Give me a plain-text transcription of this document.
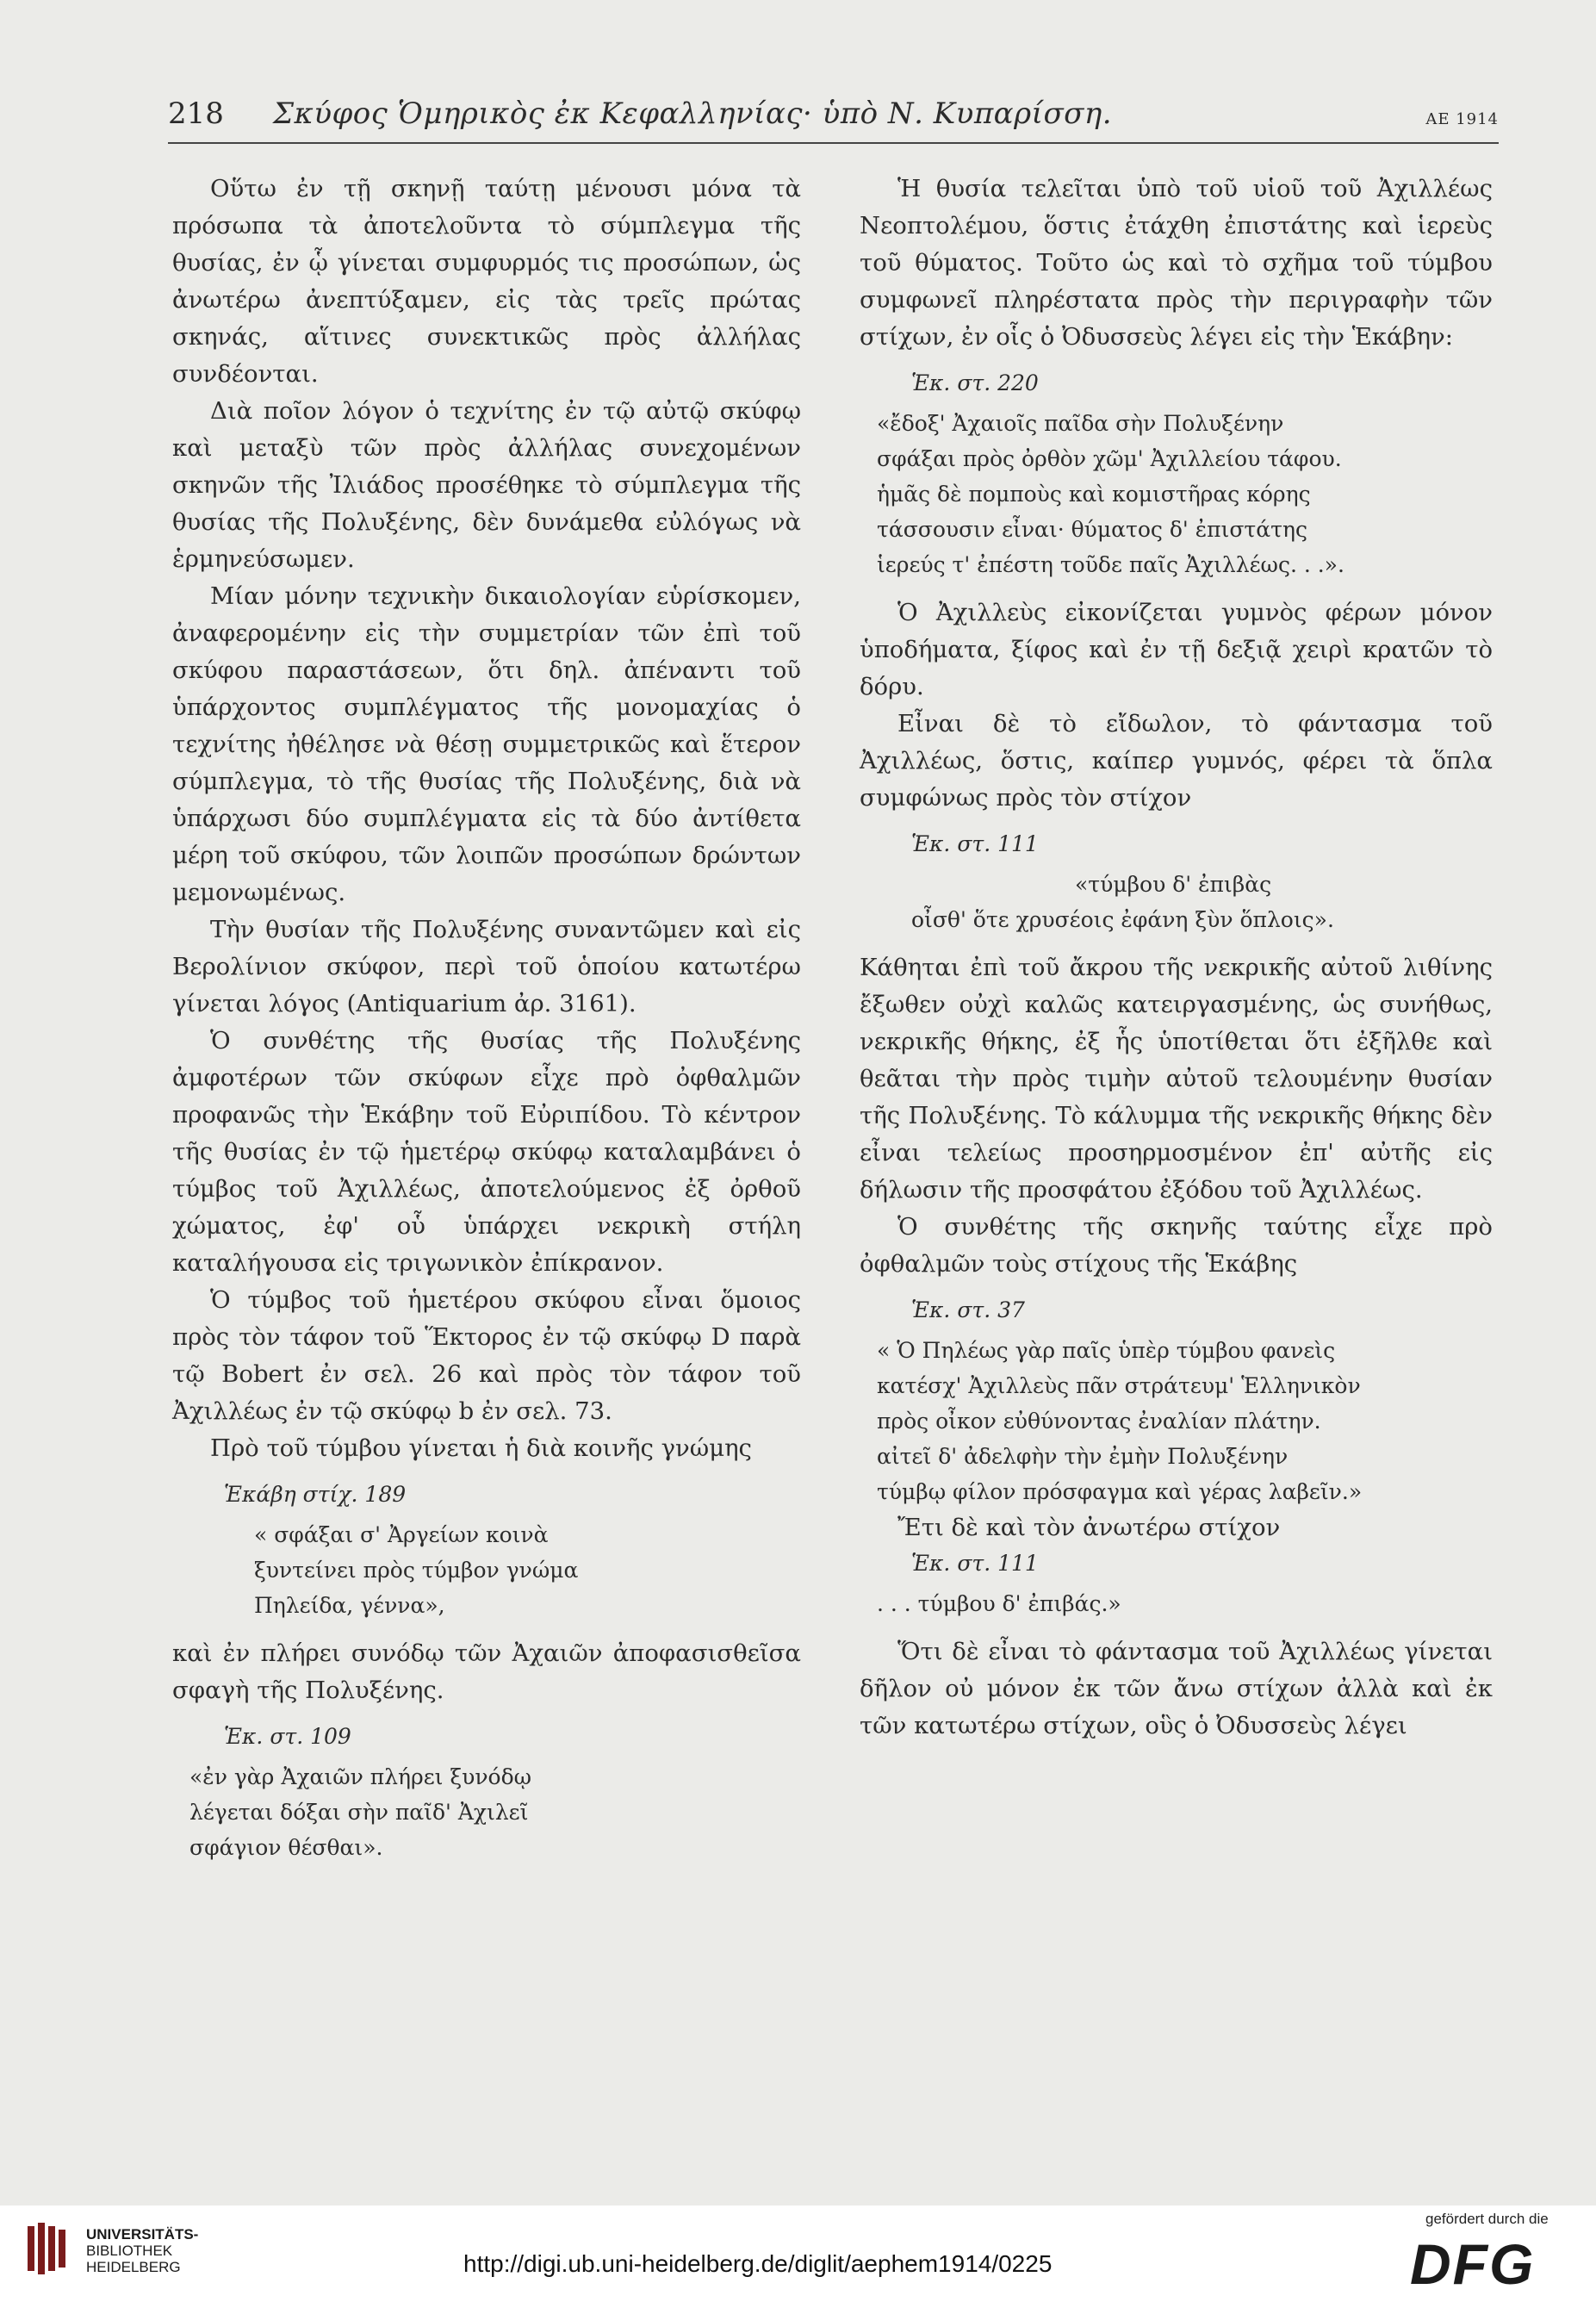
218 Σκύφος Ὁμηρικὸς ἐκ Κεφαλληνίας· ὑπὸ Ν. Κυπαρίσση.	ΑΕ 1914

Οὕτω ἐν τῇ σκηνῇ ταύτῃ μένουσι μόνα τὰ πρόσωπα τὰ ἀποτελοῦντα τὸ σύμπλεγμα τῆς θυσίας, ἐν ᾧ γίνεται συμφυρμός τις προσώπων, ὡς ἀνωτέρω ἀνεπτύξαμεν, εἰς τὰς τρεῖς πρώτας σκηνάς, αἵτινες συνεκτικῶς πρὸς ἀλλήλας συνδέονται.

Διὰ ποῖον λόγον ὁ τεχνίτης ἐν τῷ αὐτῷ σκύφῳ καὶ μεταξὺ τῶν πρὸς ἀλλήλας συνεχομένων σκηνῶν τῆς Ἰλιάδος προσέθηκε τὸ σύμπλεγμα τῆς θυσίας τῆς Πολυξένης, δὲν δυνάμεθα εὐλόγως νὰ ἑρμηνεύσωμεν.

Μίαν μόνην τεχνικὴν δικαιολογίαν εὑρίσκομεν, ἀναφερομένην εἰς τὴν συμμετρίαν τῶν ἐπὶ τοῦ σκύφου παραστάσεων, ὅτι δηλ. ἀπέναντι τοῦ ὑπάρχοντος συμπλέγματος τῆς μονομαχίας ὁ τεχνίτης ἠθέλησε νὰ θέσῃ συμμετρικῶς καὶ ἕτερον σύμπλεγμα, τὸ τῆς θυσίας τῆς Πολυξένης, διὰ νὰ ὑπάρχωσι δύο συμπλέγματα εἰς τὰ δύο ἀντίθετα μέρη τοῦ σκύφου, τῶν λοιπῶν προσώπων δρώντων μεμονωμένως.

Τὴν θυσίαν τῆς Πολυξένης συναντῶμεν καὶ εἰς Βερολίνιον σκύφον, περὶ τοῦ ὁποίου κατωτέρω γίνεται λόγος (Antiquarium ἀρ. 3161).

Ὁ συνθέτης τῆς θυσίας τῆς Πολυξένης ἀμφοτέρων τῶν σκύφων εἶχε πρὸ ὀφθαλμῶν προφανῶς τὴν Ἑκάβην τοῦ Εὐριπίδου. Τὸ κέντρον τῆς θυσίας ἐν τῷ ἡμετέρῳ σκύφῳ καταλαμβάνει ὁ τύμβος τοῦ Ἀχιλλέως, ἀποτελούμενος ἐξ ὀρθοῦ χώματος, ἐφ' οὗ ὑπάρχει νεκρικὴ στήλη καταλήγουσα εἰς τριγωνικὸν ἐπίκρανον.

Ὁ τύμβος τοῦ ἡμετέρου σκύφου εἶναι ὅμοιος πρὸς τὸν τάφον τοῦ Ἕκτορος ἐν τῷ σκύφῳ D παρὰ τῷ Bobert ἐν σελ. 26 καὶ πρὸς τὸν τάφον τοῦ Ἀχιλλέως ἐν τῷ σκύφῳ b ἐν σελ. 73.

Πρὸ τοῦ τύμβου γίνεται ἡ διὰ κοινῆς γνώμης

Ἑκάβη στίχ. 189
« σφάξαι σ' Ἀργείων κοινὰ
ξυντείνει πρὸς τύμβον γνώμα
Πηλείδα, γέννα»,

καὶ ἐν πλήρει συνόδῳ τῶν Ἀχαιῶν ἀποφασισθεῖσα σφαγὴ τῆς Πολυξένης.

Ἑκ. στ. 109
«ἐν γὰρ Ἀχαιῶν πλήρει ξυνόδῳ
λέγεται δόξαι σὴν παῖδ' Ἀχιλεῖ
σφάγιον θέσθαι».

Ἡ θυσία τελεῖται ὑπὸ τοῦ υἱοῦ τοῦ Ἀχιλλέως Νεοπτολέμου, ὅστις ἐτάχθη ἐπιστάτης καὶ ἱερεὺς τοῦ θύματος. Τοῦτο ὡς καὶ τὸ σχῆμα τοῦ τύμβου συμφωνεῖ πληρέστατα πρὸς τὴν περιγραφὴν τῶν στίχων, ἐν οἷς ὁ Ὀδυσσεὺς λέγει εἰς τὴν Ἑκάβην:

Ἑκ. στ. 220
«ἔδοξ' Ἀχαιοῖς παῖδα σὴν Πολυξένην
σφάξαι πρὸς ὀρθὸν χῶμ' Ἀχιλλείου τάφου.
ἡμᾶς δὲ πομποὺς καὶ κομιστῆρας κόρης
τάσσουσιν εἶναι· θύματος δ' ἐπιστάτης
ἱερεύς τ' ἐπέστη τοῦδε παῖς Ἀχιλλέως. . .».

Ὁ Ἀχιλλεὺς εἰκονίζεται γυμνὸς φέρων μόνον ὑποδήματα, ξίφος καὶ ἐν τῇ δεξιᾷ χειρὶ κρατῶν τὸ δόρυ.

Εἶναι δὲ τὸ εἴδωλον, τὸ φάντασμα τοῦ Ἀχιλλέως, ὅστις, καίπερ γυμνός, φέρει τὰ ὅπλα συμφώνως πρὸς τὸν στίχον

Ἑκ. στ. 111
«τύμβου δ' ἐπιβὰς
οἶσθ' ὅτε χρυσέοις ἐφάνη ξὺν ὅπλοις».

Κάθηται ἐπὶ τοῦ ἄκρου τῆς νεκρικῆς αὐτοῦ λιθίνης ἔξωθεν οὐχὶ καλῶς κατειργασμένης, ὡς συνήθως, νεκρικῆς θήκης, ἐξ ἧς ὑποτίθεται ὅτι ἐξῆλθε καὶ θεᾶται τὴν πρὸς τιμὴν αὐτοῦ τελουμένην θυσίαν τῆς Πολυξένης. Τὸ κάλυμμα τῆς νεκρικῆς θήκης δὲν εἶναι τελείως προσηρμοσμένον ἐπ' αὐτῆς εἰς δήλωσιν τῆς προσφάτου ἐξόδου τοῦ Ἀχιλλέως.

Ὁ συνθέτης τῆς σκηνῆς ταύτης εἶχε πρὸ ὀφθαλμῶν τοὺς στίχους τῆς Ἑκάβης

Ἑκ. στ. 37
« Ὁ Πηλέως γὰρ παῖς ὑπὲρ τύμβου φανεὶς
κατέσχ' Ἀχιλλεὺς πᾶν στράτευμ' Ἑλληνικὸν
πρὸς οἶκον εὐθύνοντας ἐναλίαν πλάτην.
αἰτεῖ δ' ἀδελφὴν τὴν ἐμὴν Πολυξένην
τύμβῳ φίλον πρόσφαγμα καὶ γέρας λαβεῖν.»

Ἔτι δὲ καὶ τὸν ἀνωτέρω στίχον

Ἑκ. στ. 111
. . . τύμβου δ' ἐπιβάς.»

Ὅτι δὲ εἶναι τὸ φάντασμα τοῦ Ἀχιλλέως γίνεται δῆλον οὐ μόνον ἐκ τῶν ἄνω στίχων ἀλλὰ καὶ ἐκ τῶν κατωτέρω στίχων, οὓς ὁ Ὀδυσσεὺς λέγει

UNIVERSITÄTS-
BIBLIOTHEK
HEIDELBERG	http://digi.ub.uni-heidelberg.de/diglit/aephem1914/0225
gefördert durch die
DFG
